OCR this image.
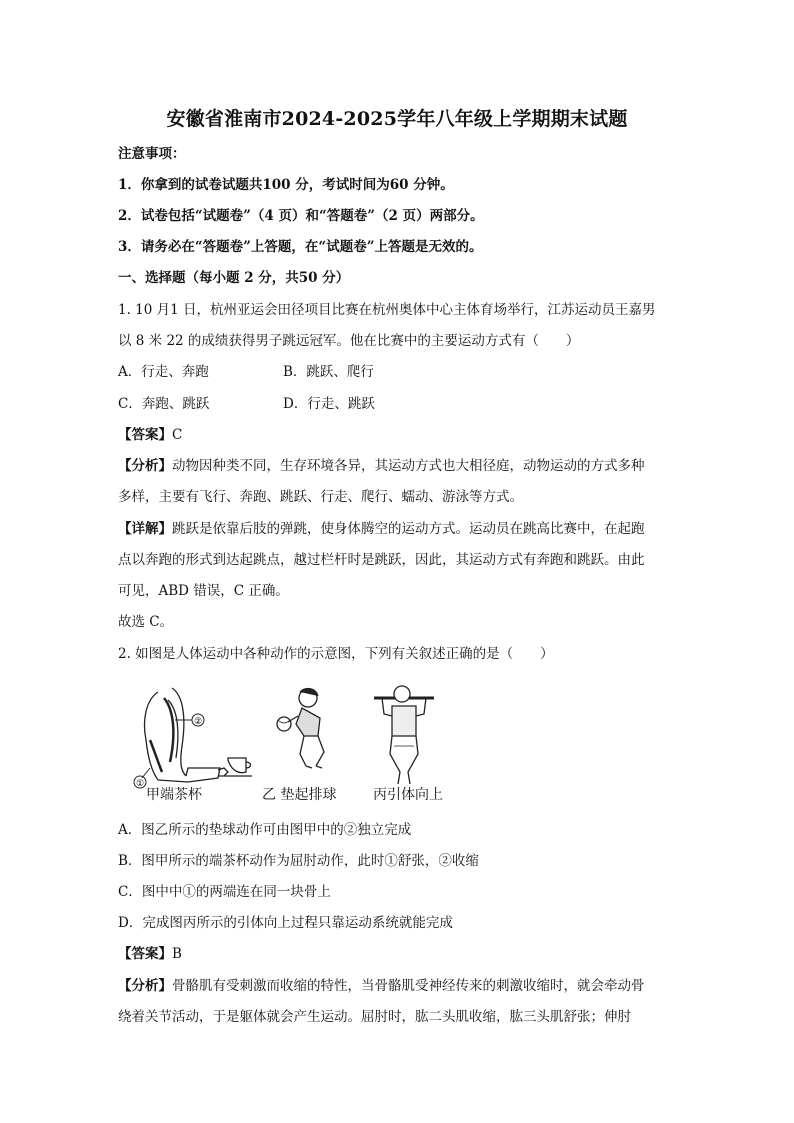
安徽省淮南市2024-2025学年八年级上学期期末试题
注意事项：
1．你拿到的试卷试题共100 分，考试时间为60 分钟。
2．试卷包括“试题卷”（4 页）和“答题卷”（2 页）两部分。
3．请务必在“答题卷”上答题，在“试题卷”上答题是无效的。
一、选择题（每小题 2 分，共50 分）
1. 10 月1 日，杭州亚运会田径项目比赛在杭州奥体中心主体育场举行，江苏运动员王嘉男
以 8 米 22 的成绩获得男子跳远冠军。他在比赛中的主要运动方式有（　　）
A．行走、奔跑	B．跳跃、爬行
C．奔跑、跳跃	D．行走、跳跃
【答案】C
【分析】动物因种类不同，生存环境各异，其运动方式也大相径庭，动物运动的方式多种
多样，主要有飞行、奔跑、跳跃、行走、爬行、蠕动、游泳等方式。
【详解】跳跃是依靠后肢的弹跳，使身体腾空的运动方式。运动员在跳高比赛中，在起跑
点以奔跑的形式到达起跳点，越过栏杆时是跳跃，因此，其运动方式有奔跑和跳跃。由此
可见，ABD 错误，C 正确。
故选 C。
2. 如图是人体运动中各种动作的示意图，下列有关叙述正确的是（　　）
②
①
甲端茶杯	乙 垫起排球	丙引体向上
A．图乙所示的垫球动作可由图甲中的②独立完成
B．图甲所示的端茶杯动作为屈肘动作，此时①舒张，②收缩
C．图中中①的两端连在同一块骨上
D．完成图丙所示的引体向上过程只靠运动系统就能完成
【答案】B
【分析】骨骼肌有受刺激而收缩的特性，当骨骼肌受神经传来的刺激收缩时，就会牵动骨
绕着关节活动，于是躯体就会产生运动。屈肘时，肱二头肌收缩，肱三头肌舒张；伸肘
